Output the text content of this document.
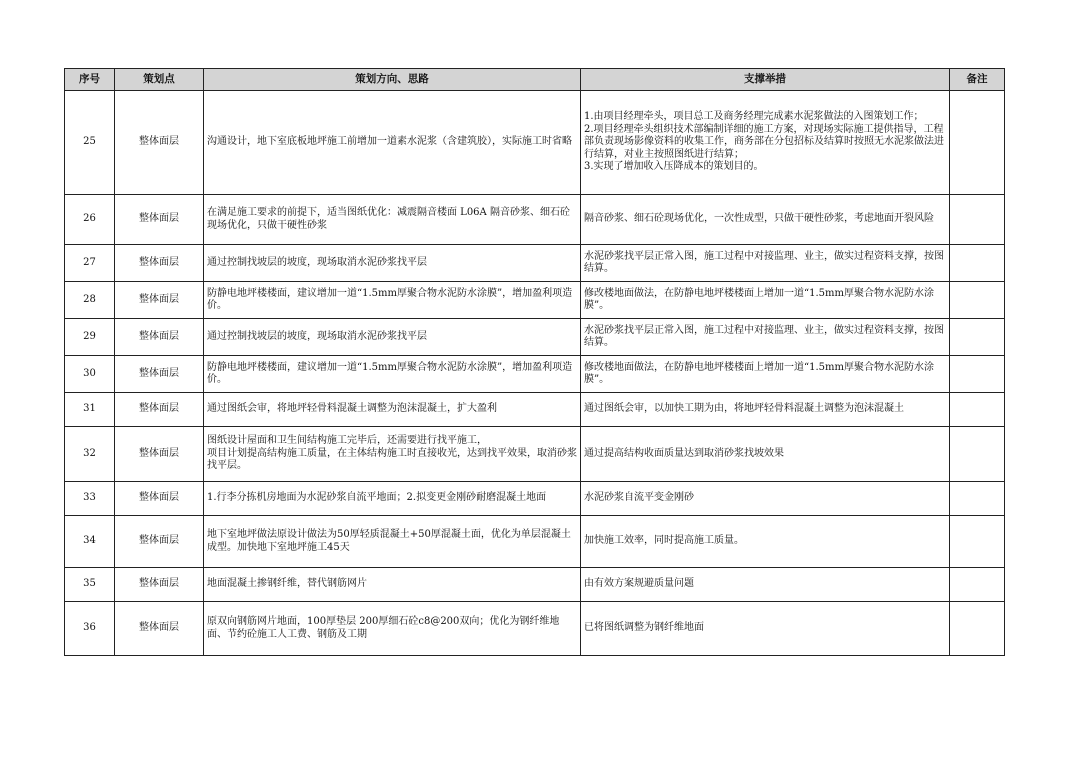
序号	策划点	策划方向、思路	支撑举措	备注
25	整体面层	沟通设计，地下室底板地坪施工前增加一道素水泥浆（含建筑胶），实际施工时省略	1.由项目经理牵头，项目总工及商务经理完成素水泥浆做法的入图策划工作；
2.项目经理牵头组织技术部编制详细的施工方案，对现场实际施工提供指导，工程部负责现场影像资料的收集工作，商务部在分包招标及结算时按照无水泥浆做法进行结算，对业主按照图纸进行结算；
3.实现了增加收入压降成本的策划目的。	

26	整体面层	在满足施工要求的前提下，适当图纸优化：减震隔音楼面 L06A 隔音砂浆、细石砼现场优化，只做干硬性砂浆	隔音砂浆、细石砼现场优化，一次性成型，只做干硬性砂浆，考虑地面开裂风险	

27	整体面层	通过控制找坡层的坡度，现场取消水泥砂浆找平层	水泥砂浆找平层正常入图，施工过程中对接监理、业主，做实过程资料支撑，按图结算。	

28	整体面层	防静电地坪楼楼面，建议增加一道“1.5mm厚聚合物水泥防水涂膜”，增加盈利项造价。	修改楼地面做法，在防静电地坪楼楼面上增加一道“1.5mm厚聚合物水泥防水涂膜”。	

29	整体面层	通过控制找坡层的坡度，现场取消水泥砂浆找平层	水泥砂浆找平层正常入图，施工过程中对接监理、业主，做实过程资料支撑，按图结算。	

30	整体面层	防静电地坪楼楼面，建议增加一道“1.5mm厚聚合物水泥防水涂膜”，增加盈利项造价。	修改楼地面做法，在防静电地坪楼楼面上增加一道“1.5mm厚聚合物水泥防水涂膜”。	

31	整体面层	通过图纸会审，将地坪轻骨料混凝土调整为泡沫混凝土，扩大盈利	通过图纸会审，以加快工期为由，将地坪轻骨料混凝土调整为泡沫混凝土	

32	整体面层	图纸设计屋面和卫生间结构施工完毕后，还需要进行找平施工，
项目计划提高结构施工质量，在主体结构施工时直接收光，达到找平效果，取消砂浆找平层。	通过提高结构收面质量达到取消砂浆找坡效果	

33	整体面层	1.行李分拣机房地面为水泥砂浆自流平地面；2.拟变更金刚砂耐磨混凝土地面	水泥砂浆自流平变金刚砂	

34	整体面层	地下室地坪做法原设计做法为50厚轻质混凝土+50厚混凝土面，优化为单层混凝土成型。加快地下室地坪施工45天	加快施工效率，同时提高施工质量。	

35	整体面层	地面混凝土掺钢纤维，替代钢筋网片	由有效方案规避质量问题	

36	整体面层	原双向钢筋网片地面，100厚垫层 200厚细石砼c8@200双向；优化为钢纤维地面、节约砼施工人工费、钢筋及工期	已将图纸调整为钢纤维地面	
